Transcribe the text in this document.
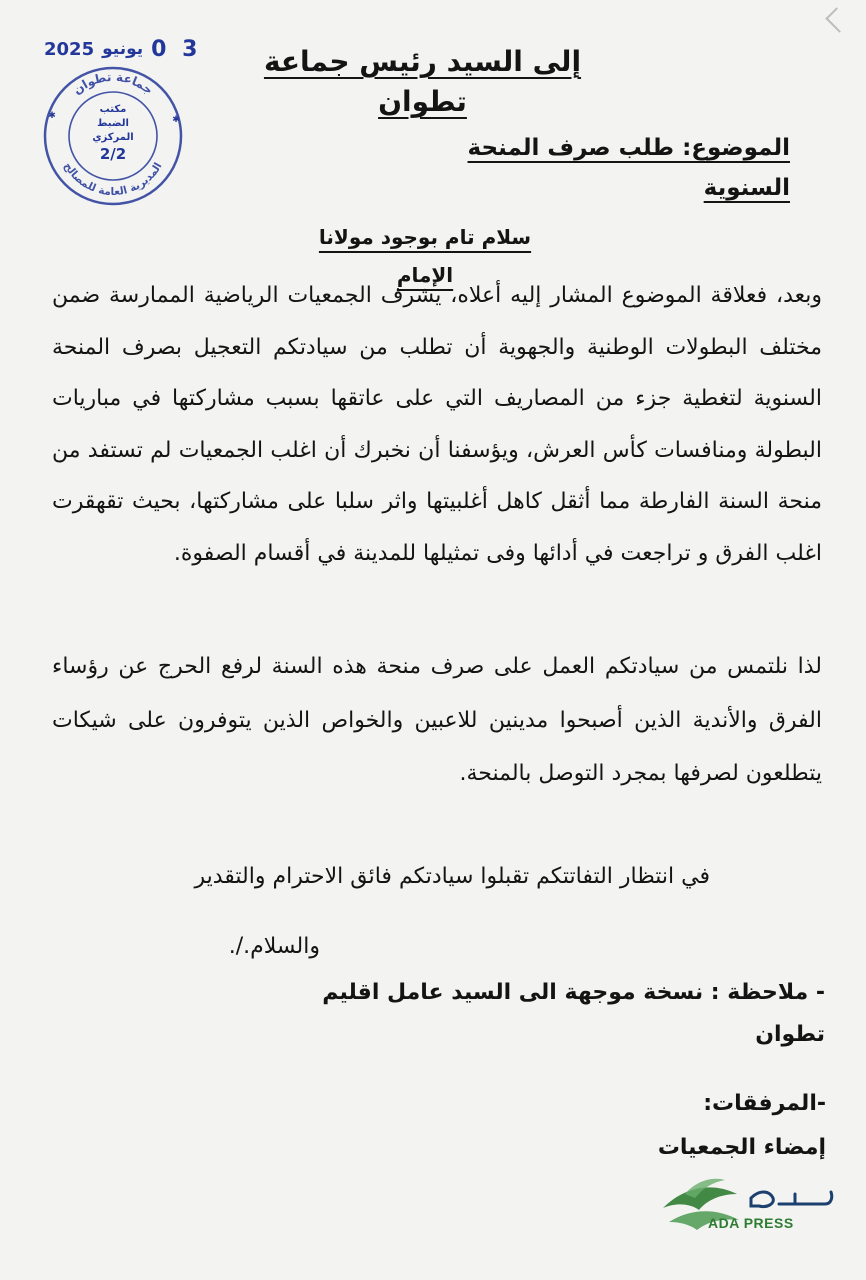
3 0
يونيو
2025
جماعة تطوان
المديرية العامة للمصالح
مكتب
الضبط
المركزي
2/2
✱	✱
إلى السيد رئيس جماعة تطوان
الموضوع: طلب صرف المنحة السنوية
سلام تام بوجود مولانا الإمام
وبعد، فعلاقة الموضوع المشار إليه أعلاه، يشرف الجمعيات الرياضية الممارسة ضمن مختلف البطولات الوطنية والجهوية أن تطلب من سيادتكم التعجيل بصرف المنحة السنوية لتغطية جزء من المصاريف التي على عاتقها بسبب مشاركتها في مباريات البطولة ومنافسات كأس العرش، ويؤسفنا أن نخبرك أن اغلب الجمعيات لم تستفد من منحة السنة الفارطة مما أثقل كاهل أغلبيتها واثر سلبا على مشاركتها، بحيث تقهقرت اغلب الفرق و تراجعت في أدائها وفى تمثيلها للمدينة في أقسام الصفوة.
لذا نلتمس من سيادتكم العمل على صرف منحة هذه السنة لرفع الحرج عن رؤساء الفرق والأندية الذين أصبحوا مدينين للاعبين والخواص الذين يتوفرون على شيكات يتطلعون لصرفها بمجرد التوصل بالمنحة.
في انتظار التفاتتكم تقبلوا سيادتكم فائق الاحترام والتقدير
والسلام./.
- ملاحظة : نسخة موجهة الى السيد عامل اقليم تطوان
-المرفقات:
إمضاء الجمعيات
ADA PRESS
